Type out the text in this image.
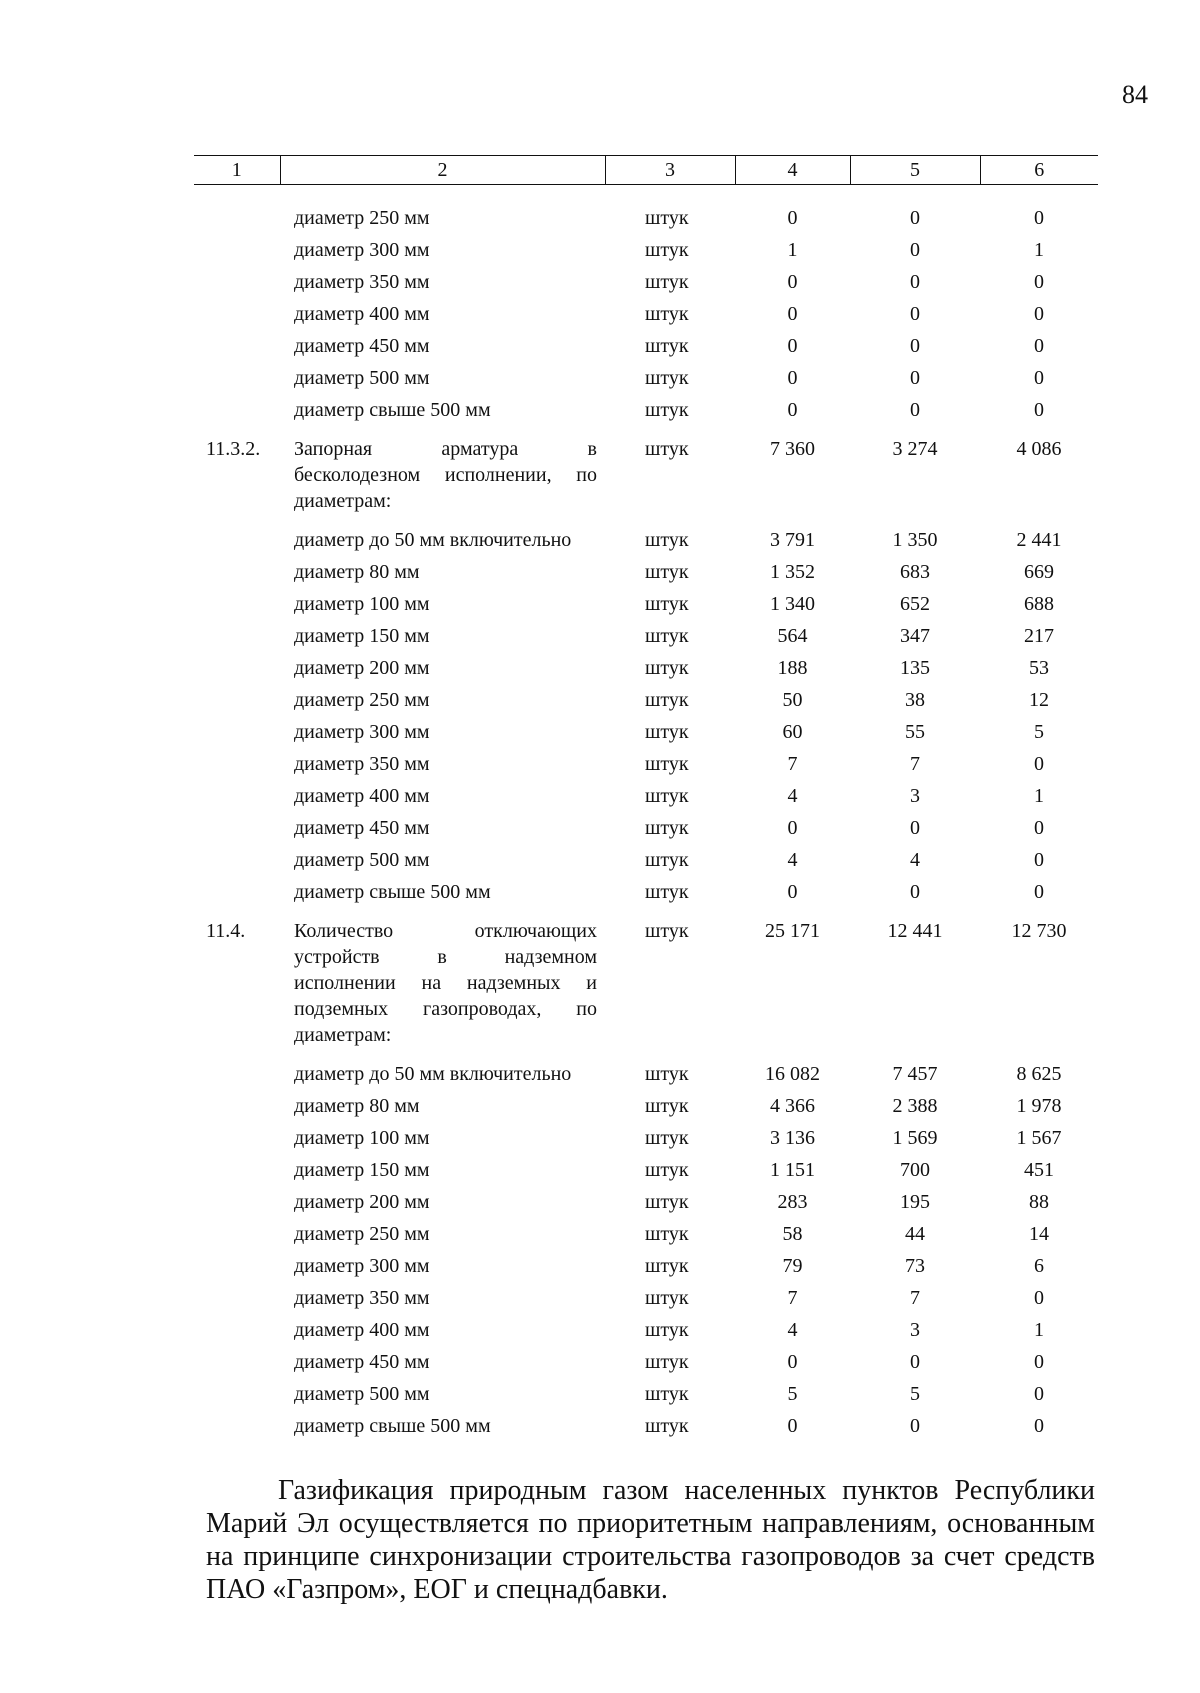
84
1	2	3	4	5	6
	диаметр 250 мм	штук	0	0	0
	диаметр 300 мм	штук	1	0	1
	диаметр 350 мм	штук	0	0	0
	диаметр 400 мм	штук	0	0	0
	диаметр 450 мм	штук	0	0	0
	диаметр 500 мм	штук	0	0	0
	диаметр свыше 500 мм	штук	0	0	0
11.3.2.	Запорная арматура в бесколодезном исполнении, по диаметрам:	штук	7 360	3 274	4 086
	диаметр до 50 мм включительно	штук	3 791	1 350	2 441
	диаметр 80 мм	штук	1 352	683	669
	диаметр 100 мм	штук	1 340	652	688
	диаметр 150 мм	штук	564	347	217
	диаметр 200 мм	штук	188	135	53
	диаметр 250 мм	штук	50	38	12
	диаметр 300 мм	штук	60	55	5
	диаметр 350 мм	штук	7	7	0
	диаметр 400 мм	штук	4	3	1
	диаметр 450 мм	штук	0	0	0
	диаметр 500 мм	штук	4	4	0
	диаметр свыше 500 мм	штук	0	0	0
11.4.	Количество отключающих устройств в надземном исполнении на надземных и подземных газопроводах, по диаметрам:	штук	25 171	12 441	12 730
	диаметр до 50 мм включительно	штук	16 082	7 457	8 625
	диаметр 80 мм	штук	4 366	2 388	1 978
	диаметр 100 мм	штук	3 136	1 569	1 567
	диаметр 150 мм	штук	1 151	700	451
	диаметр 200 мм	штук	283	195	88
	диаметр 250 мм	штук	58	44	14
	диаметр 300 мм	штук	79	73	6
	диаметр 350 мм	штук	7	7	0
	диаметр 400 мм	штук	4	3	1
	диаметр 450 мм	штук	0	0	0
	диаметр 500 мм	штук	5	5	0
	диаметр свыше 500 мм	штук	0	0	0

Газификация природным газом населенных пунктов Республики Марий Эл осуществляется по приоритетным направлениям, основанным на принципе синхронизации строительства газопроводов за счет средств ПАО «Газпром», ЕОГ и спецнадбавки.
